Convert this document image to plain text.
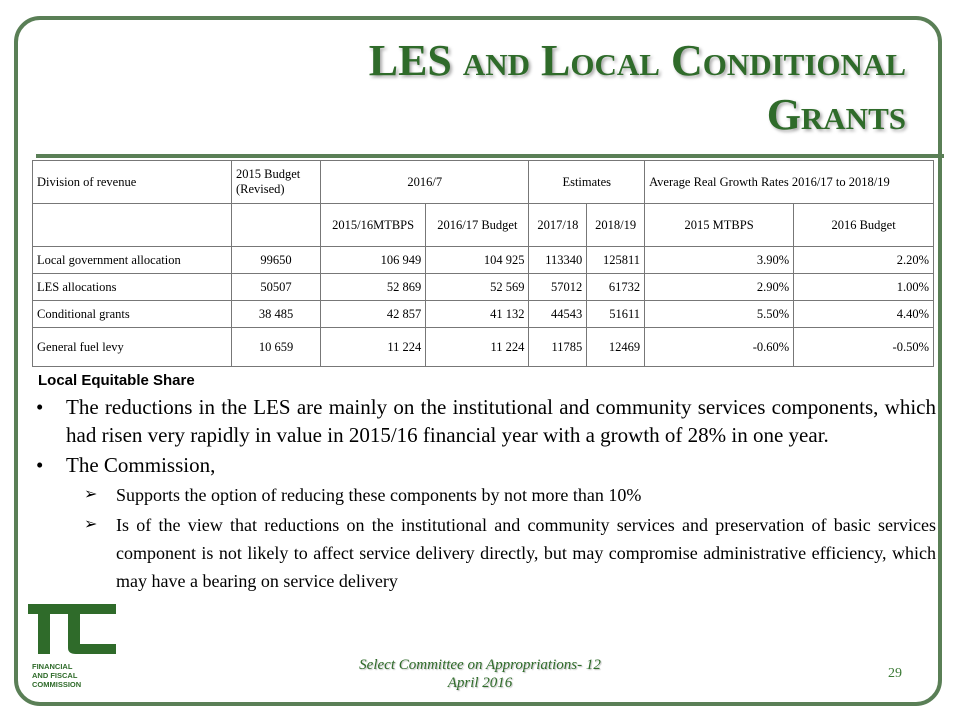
LES and Local Conditional
Grants
Division of revenue	2015 Budget (Revised)	2016/7		Estimates		Average Real Growth Rates 2016/17 to 2018/19	
		2015/16MTBPS	2016/17 Budget	2017/18	2018/19	2015 MTBPS	2016 Budget
Local government allocation	99650	106 949	104 925	113340	125811	3.90%	2.20%
LES allocations	50507	52 869	52 569	57012	61732	2.90%	1.00%
Conditional grants	38 485	42 857	41 132	44543	51611	5.50%	4.40%
General fuel levy	10 659	11 224	11 224	11785	12469	-0.60%	-0.50%
Local Equitable Share
• The reductions in the LES are mainly on the institutional and community services components, which had risen very rapidly in value in 2015/16 financial year with a growth of 28% in one year.
• The Commission,
➢ Supports the option of reducing these components by not more than 10%
➢ Is of the view that reductions on the institutional and community services and preservation of basic services component is not likely to affect service delivery directly, but may compromise administrative efficiency, which may have a bearing on service delivery
FINANCIAL
AND FISCAL
COMMISSION
Select Committee on Appropriations- 12
April 2016
29
